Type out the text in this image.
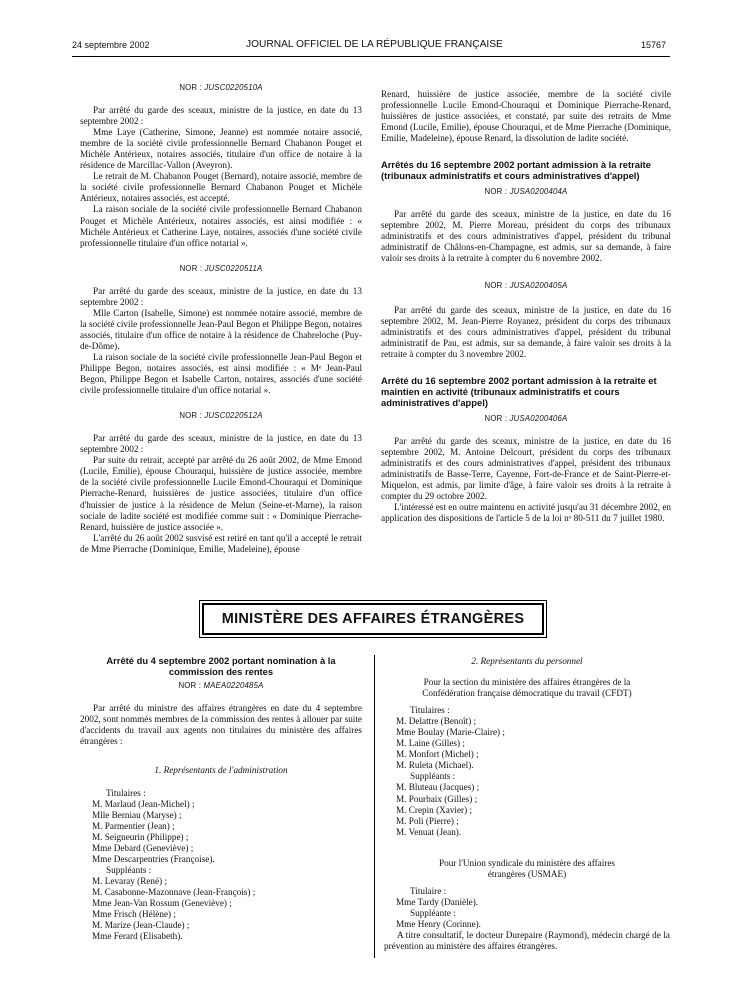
24 septembre 2002	JOURNAL OFFICIEL DE LA RÉPUBLIQUE FRANÇAISE	15767
NOR : JUSC0220510A

Par arrêté du garde des sceaux, ministre de la justice, en date du 13 septembre 2002 :

Mme Laye (Catherine, Simone, Jeanne) est nommée notaire associé, membre de la société civile professionnelle Bernard Chabanon Pouget et Michèle Antérieux, notaires associés, titulaire d'un office de notaire à la résidence de Marcillac-Vallon (Aveyron).

Le retrait de M. Chabanon Pouget (Bernard), notaire associé, membre de la société civile professionnelle Bernard Chabanon Pouget et Michèle Antérieux, notaires associés, est accepté.

La raison sociale de la société civile professionnelle Bernard Chabanon Pouget et Michèle Antérieux, notaires associés, est ainsi modifiée : « Michèle Antérieux et Catherine Laye, notaires, associés d'une société civile professionnelle titulaire d'un office notarial ».

NOR : JUSC0220511A

Par arrêté du garde des sceaux, ministre de la justice, en date du 13 septembre 2002 :

Mlle Carton (Isabelle, Simone) est nommée notaire associé, membre de la société civile professionnelle Jean-Paul Begon et Philippe Begon, notaires associés, titulaire d'un office de notaire à la résidence de Chabreloche (Puy-de-Dôme).

La raison sociale de la société civile professionnelle Jean-Paul Begon et Philippe Begon, notaires associés, est ainsi modifiée : « Mᵉ Jean-Paul Begon, Philippe Begon et Isabelle Carton, notaires, associés d'une société civile professionnelle titulaire d'un office notarial ».

NOR : JUSC0220512A

Par arrêté du garde des sceaux, ministre de la justice, en date du 13 septembre 2002 :

Par suite du retrait, accepté par arrêté du 26 août 2002, de Mme Emond (Lucile, Emilie), épouse Chouraqui, huissière de justice associée, membre de la société civile professionnelle Lucile Emond-Chouraqui et Dominique Pierrache-Renard, huissières de justice associées, titulaire d'un office d'huissier de justice à la résidence de Melun (Seine-et-Marne), la raison sociale de ladite société est modifiée comme suit : « Dominique Pierrache-Renard, huissière de justice associée ».

L'arrêté du 26 août 2002 susvisé est retiré en tant qu'il a accepté le retrait de Mme Pierrache (Dominique, Emilie, Madeleine), épouse

Renard, huissière de justice associée, membre de la société civile professionnelle Lucile Emond-Chouraqui et Dominique Pierrache-Renard, huissières de justice associées, et constaté, par suite des retraits de Mme Emond (Lucile, Emilie), épouse Chouraqui, et de Mme Pierrache (Dominique, Emilie, Madeleine), épouse Renard, la dissolution de ladite société.

Arrêtés du 16 septembre 2002 portant admission à la retraite (tribunaux administratifs et cours administratives d'appel)
NOR : JUSA0200404A

Par arrêté du garde des sceaux, ministre de la justice, en date du 16 septembre 2002, M. Pierre Moreau, président du corps des tribunaux administratifs et des cours administratives d'appel, président du tribunal administratif de Châlons-en-Champagne, est admis, sur sa demande, à faire valoir ses droits à la retraite à compter du 6 novembre 2002.

NOR : JUSA0200405A

Par arrêté du garde des sceaux, ministre de la justice, en date du 16 septembre 2002, M. Jean-Pierre Royanez, président du corps des tribunaux administratifs et des cours administratives d'appel, président du tribunal administratif de Pau, est admis, sur sa demande, à faire valoir ses droits à la retraite à compter du 3 novembre 2002.

Arrêté du 16 septembre 2002 portant admission à la retraite et maintien en activité (tribunaux administratifs et cours administratives d'appel)
NOR : JUSA0200406A

Par arrêté du garde des sceaux, ministre de la justice, en date du 16 septembre 2002, M. Antoine Delcourt, président du corps des tribunaux administratifs et des cours administratives d'appel, président des tribunaux administratifs de Basse-Terre, Cayenne, Fort-de-France et de Saint-Pierre-et-Miquelon, est admis, par limite d'âge, à faire valoir ses droits à la retraite à compter du 29 octobre 2002.

L'intéressé est en outre maintenu en activité jusqu'au 31 décembre 2002, en application des dispositions de l'article 5 de la loi nᵒ 80-511 du 7 juillet 1980.

MINISTÈRE DES AFFAIRES ÉTRANGÈRES
Arrêté du 4 septembre 2002 portant nomination à la commission des rentes
NOR : MAEA0220485A

Par arrêté du ministre des affaires étrangères en date du 4 septembre 2002, sont nommés membres de la commission des rentes à allouer par suite d'accidents du travail aux agents non titulaires du ministère des affaires étrangères :

1. Représentants de l'administration
Titulaires :
M. Marlaud (Jean-Michel) ;
Mlle Berniau (Maryse) ;
M. Parmentier (Jean) ;
M. Seigneurin (Philippe) ;
Mme Debard (Geneviève) ;
Mme Descarpentries (Françoise).
Suppléants :
M. Levaray (René) ;
M. Casabonne-Mazonnave (Jean-François) ;
Mme Jean-Van Rossum (Geneviève) ;
Mme Frisch (Hélène) ;
M. Marize (Jean-Claude) ;
Mme Ferard (Elisabeth).
2. Représentants du personnel
Pour la section du ministère des affaires étrangères de la Confédération française démocratique du travail (CFDT)
Titulaires :
M. Delattre (Benoît) ;
Mme Boulay (Marie-Claire) ;
M. Laine (Gilles) ;
M. Monfort (Michel) ;
M. Ruleta (Michael).
Suppléants :
M. Bluteau (Jacques) ;
M. Pourbaix (Gilles) ;
M. Crepin (Xavier) ;
M. Poli (Pierre) ;
M. Venuat (Jean).
Pour l'Union syndicale du ministère des affaires étrangères (USMAE)
Titulaire :
Mme Tardy (Danièle).
Suppléante :
Mme Henry (Corinne).

A titre consultatif, le docteur Durepaire (Raymond), médecin chargé de la prévention au ministère des affaires étrangères.
